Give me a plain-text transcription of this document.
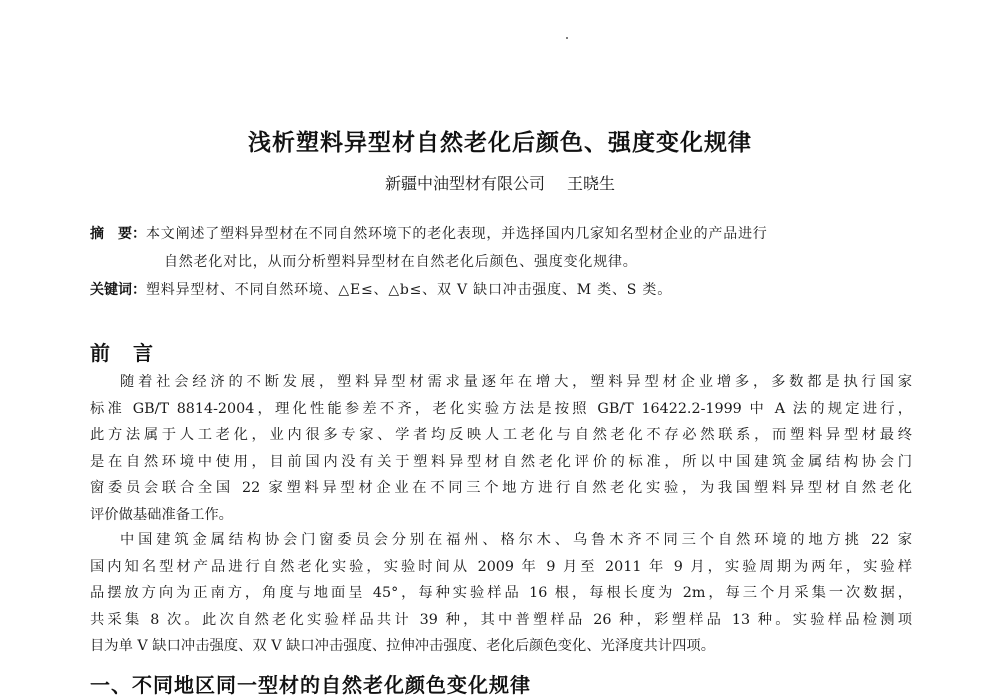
浅析塑料异型材自然老化后颜色、强度变化规律
新疆中油型材有限公司 王晓生
摘　要：本文阐述了塑料异型材在不同自然环境下的老化表现，并选择国内几家知名型材企业的产品进行
自然老化对比，从而分析塑料异型材在自然老化后颜色、强度变化规律。
关键词：塑料异型材、不同自然环境、△E≤、△b≤、双 V 缺口冲击强度、M 类、S 类。
前 言
随着社会经济的不断发展，塑料异型材需求量逐年在增大，塑料异型材企业增多，多数都是执行国家
标准 GB/T 8814-2004，理化性能参差不齐，老化实验方法是按照 GB/T 16422.2-1999 中 A 法的规定进行，
此方法属于人工老化，业内很多专家、学者均反映人工老化与自然老化不存必然联系，而塑料异型材最终
是在自然环境中使用，目前国内没有关于塑料异型材自然老化评价的标准，所以中国建筑金属结构协会门
窗委员会联合全国 22 家塑料异型材企业在不同三个地方进行自然老化实验，为我国塑料异型材自然老化
评价做基础准备工作。
中国建筑金属结构协会门窗委员会分别在福州、格尔木、乌鲁木齐不同三个自然环境的地方挑 22 家
国内知名型材产品进行自然老化实验，实验时间从 2009 年 9 月至 2011 年 9 月，实验周期为两年，实验样
品摆放方向为正南方，角度与地面呈 45°，每种实验样品 16 根，每根长度为 2m，每三个月采集一次数据，
共采集 8 次。此次自然老化实验样品共计 39 种，其中普塑样品 26 种，彩塑样品 13 种。实验样品检测项
目为单 V 缺口冲击强度、双 V 缺口冲击强度、拉伸冲击强度、老化后颜色变化、光泽度共计四项。
一、不同地区同一型材的自然老化颜色变化规律
